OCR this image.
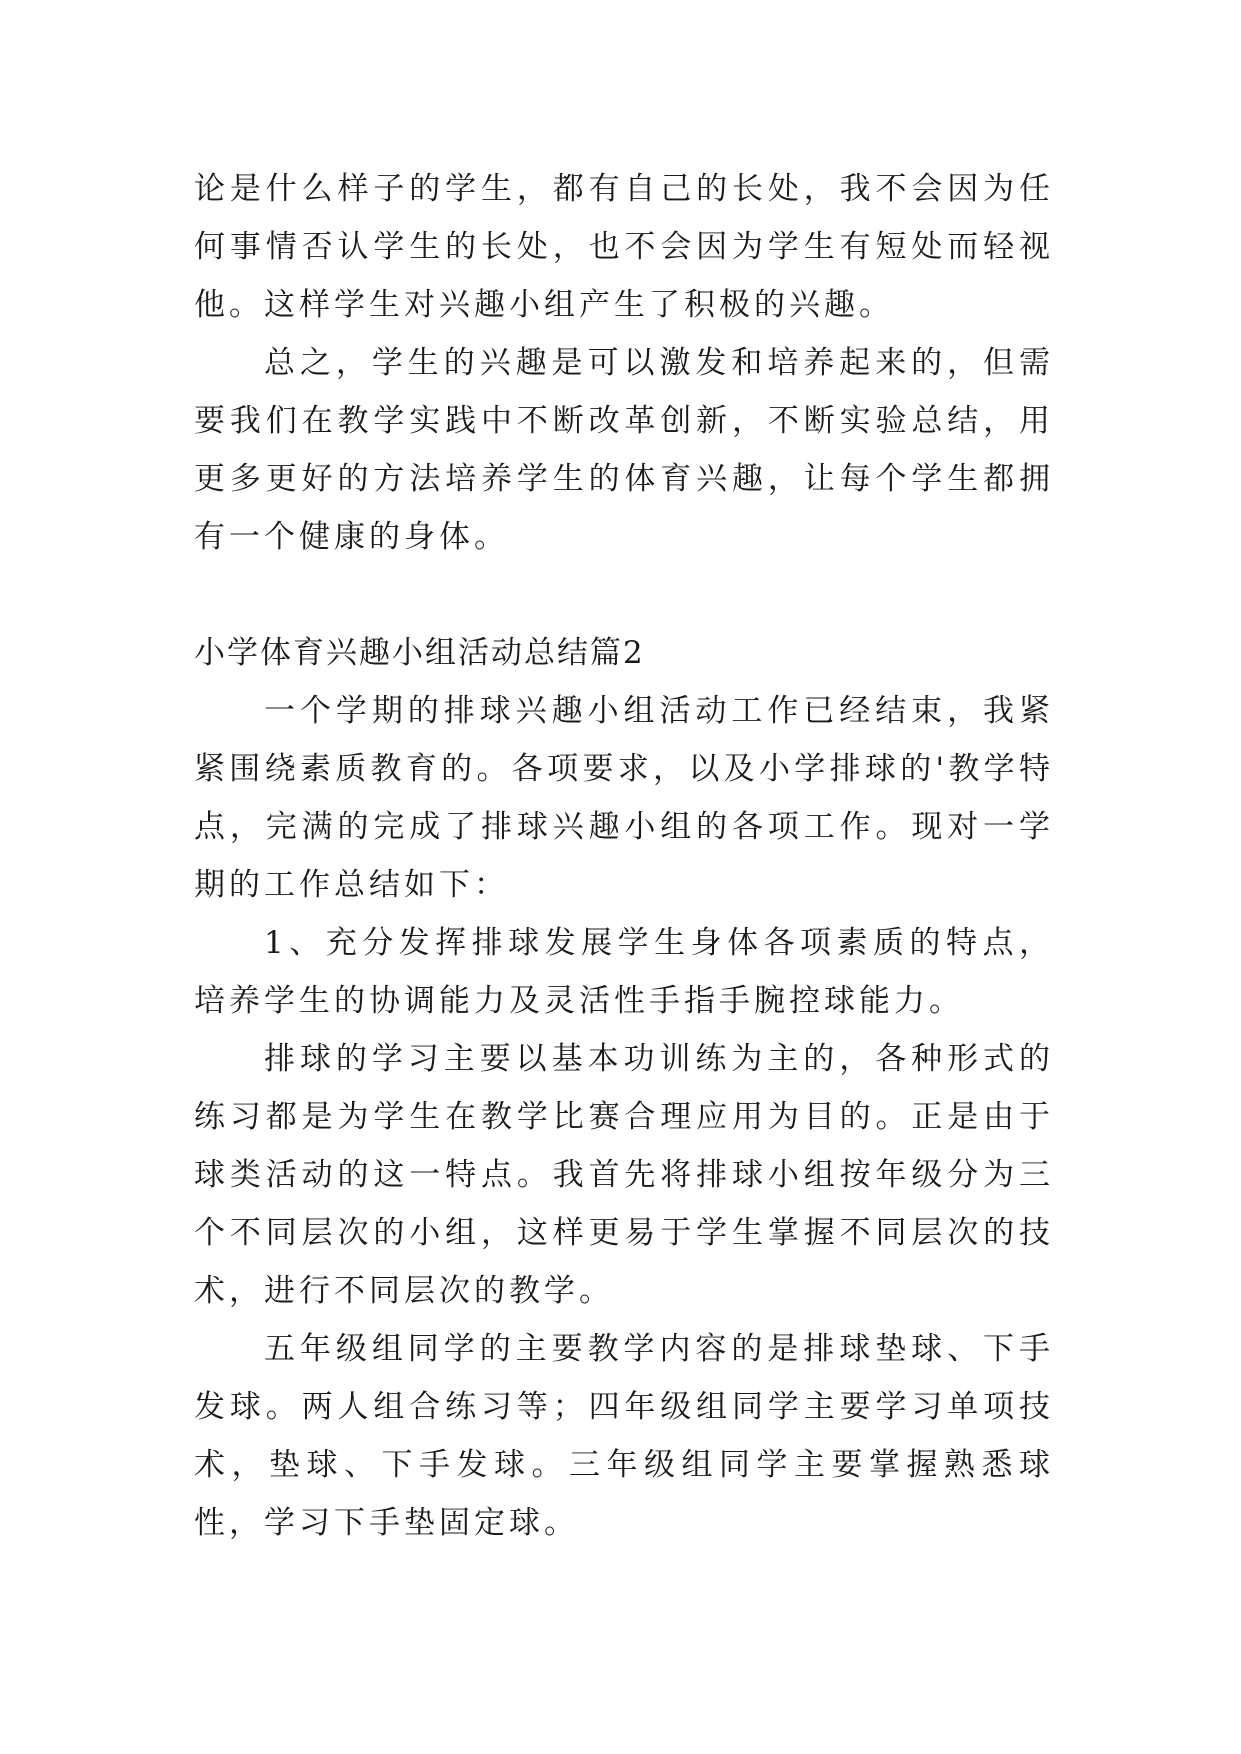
论是什么样子的学生，都有自己的长处，我不会因为任何事情否认学生的长处，也不会因为学生有短处而轻视他。这样学生对兴趣小组产生了积极的兴趣。

总之，学生的兴趣是可以激发和培养起来的，但需要我们在教学实践中不断改革创新，不断实验总结，用更多更好的方法培养学生的体育兴趣，让每个学生都拥有一个健康的身体。

小学体育兴趣小组活动总结篇2

一个学期的排球兴趣小组活动工作已经结束，我紧紧围绕素质教育的。各项要求，以及小学排球的'教学特点，完满的完成了排球兴趣小组的各项工作。现对一学期的工作总结如下：

1、充分发挥排球发展学生身体各项素质的特点，培养学生的协调能力及灵活性手指手腕控球能力。

排球的学习主要以基本功训练为主的，各种形式的练习都是为学生在教学比赛合理应用为目的。正是由于球类活动的这一特点。我首先将排球小组按年级分为三个不同层次的小组，这样更易于学生掌握不同层次的技术，进行不同层次的教学。

五年级组同学的主要教学内容的是排球垫球、下手发球。两人组合练习等；四年级组同学主要学习单项技术，垫球、下手发球。三年级组同学主要掌握熟悉球性，学习下手垫固定球。
